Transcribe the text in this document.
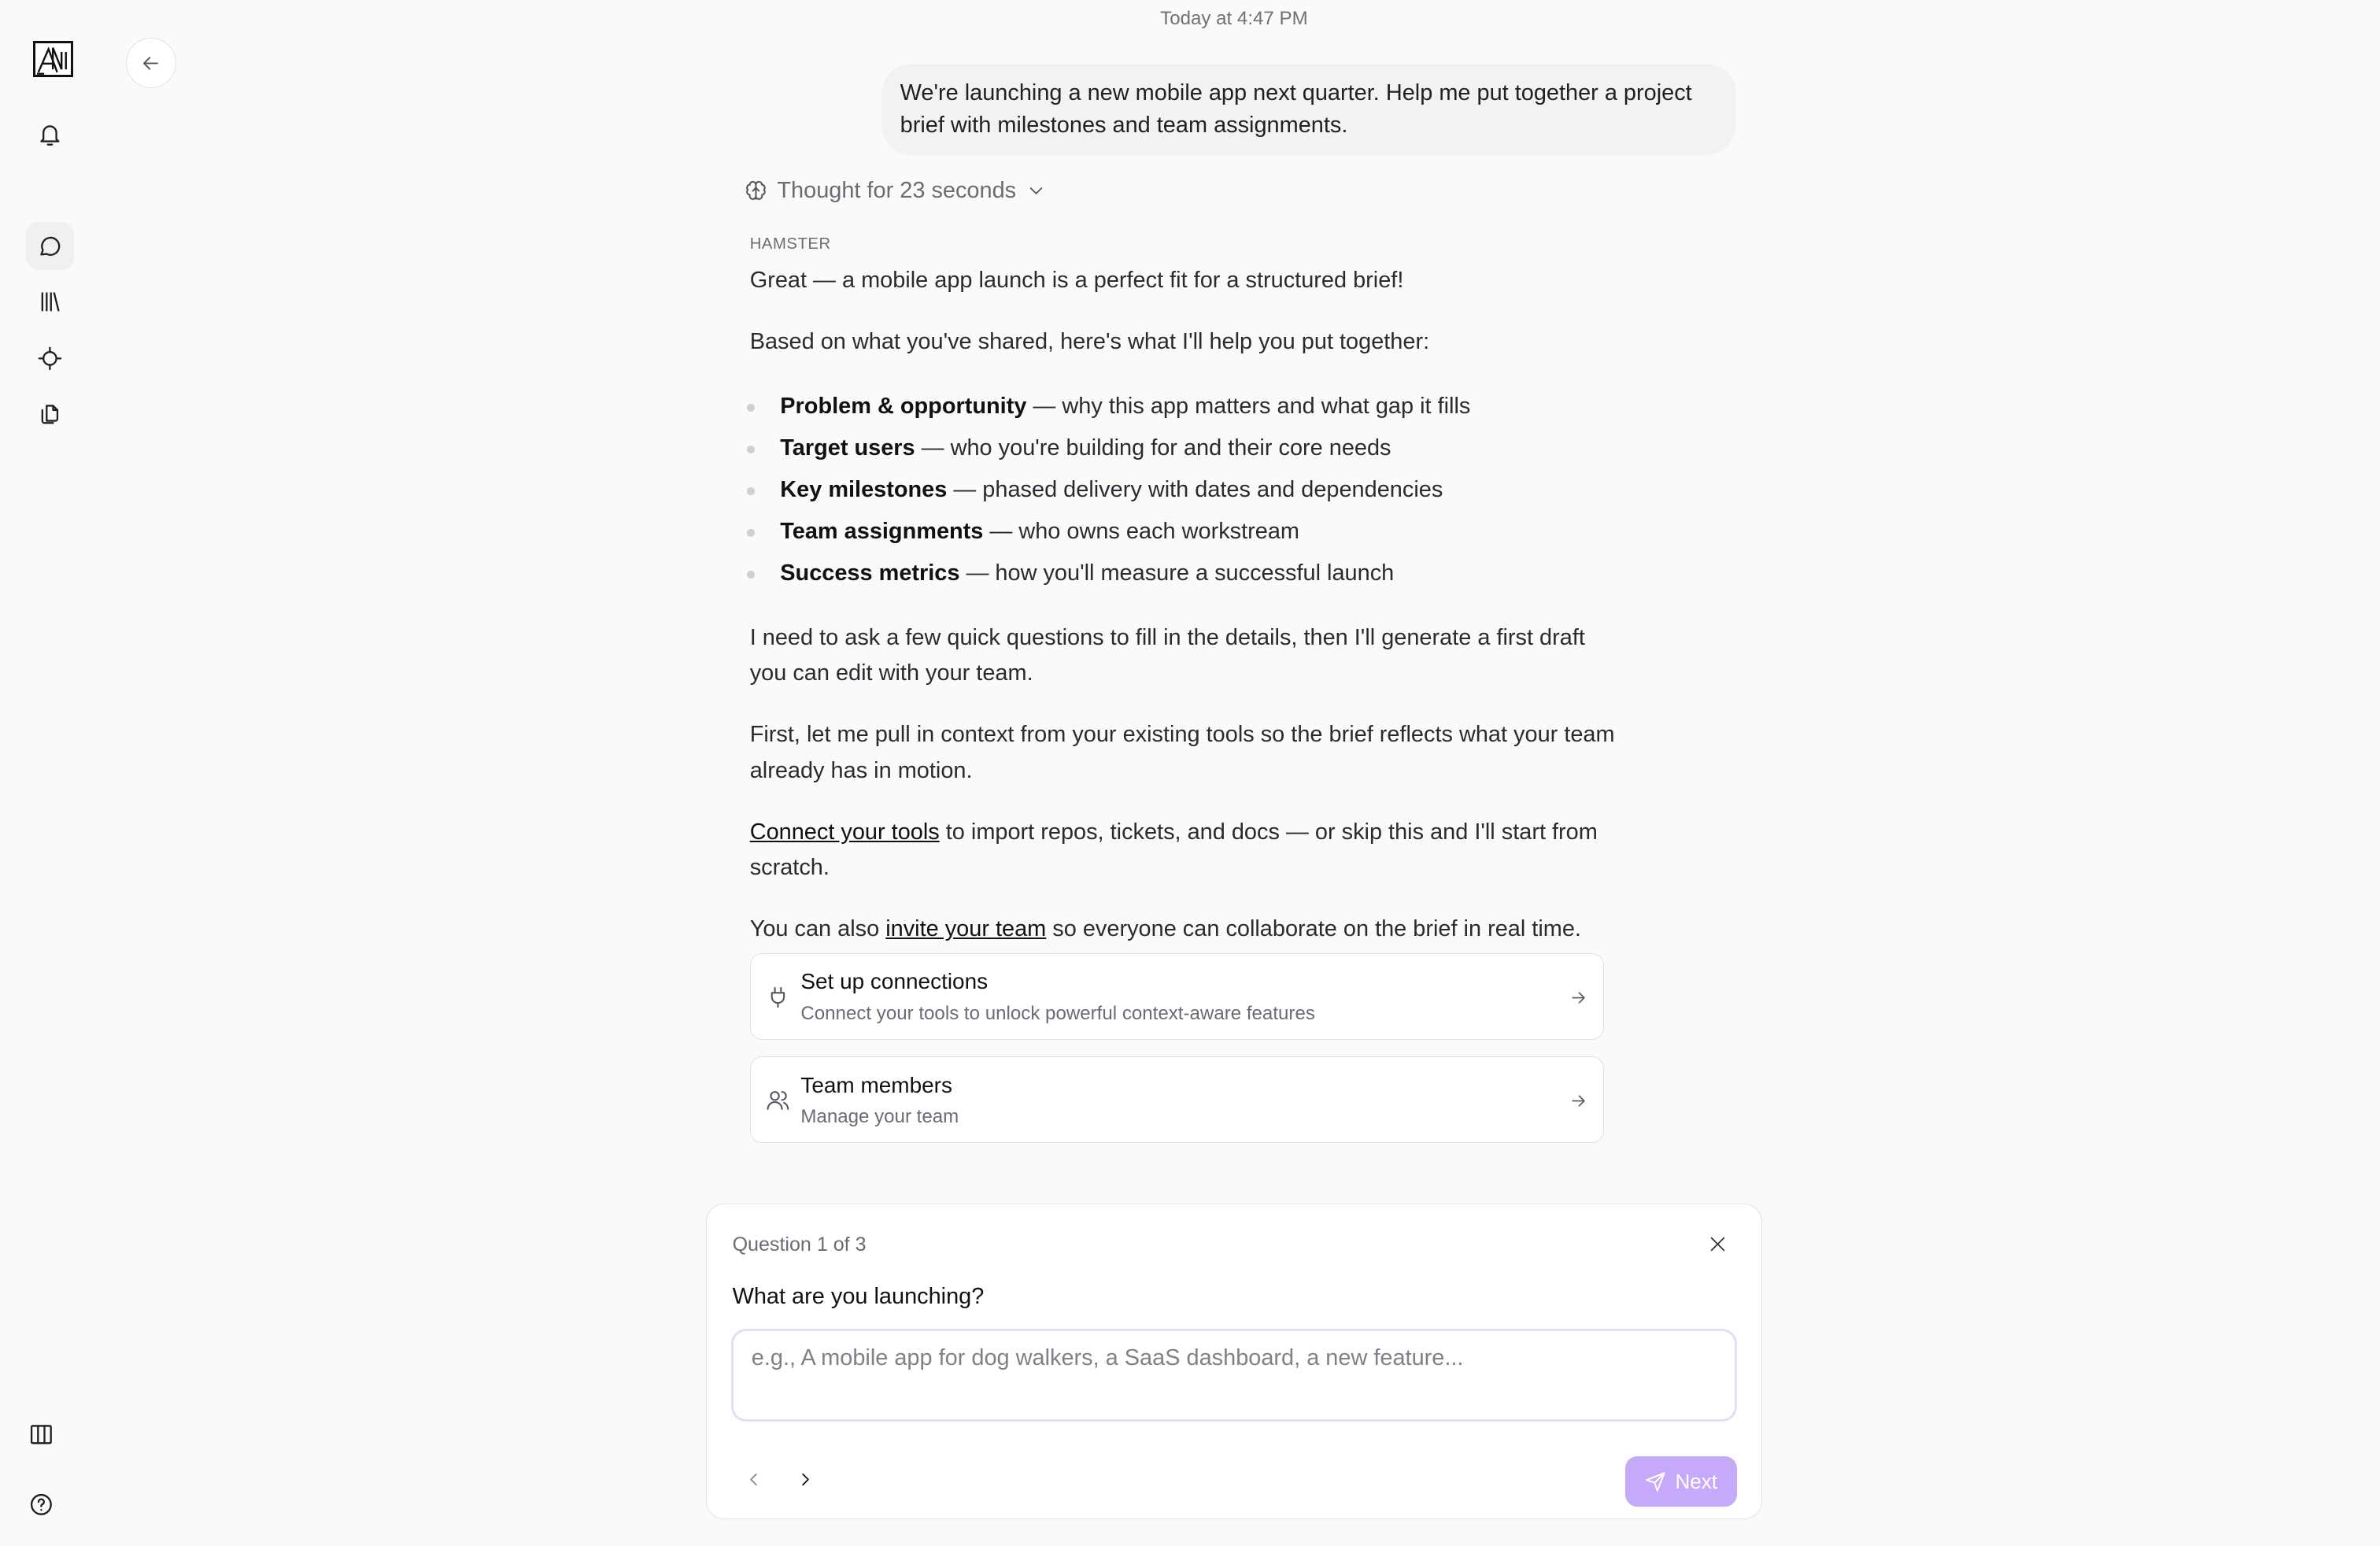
Today at 4:47 PM
We're launching a new mobile app next quarter. Help me put together a project brief with milestones and team assignments.
Thought for 23 seconds
HAMSTER

Great — a mobile app launch is a perfect fit for a structured brief!

Based on what you've shared, here's what I'll help you put together:

Problem & opportunity — why this app matters and what gap it fills
Target users — who you're building for and their core needs
Key milestones — phased delivery with dates and dependencies
Team assignments — who owns each workstream
Success metrics — how you'll measure a successful launch

I need to ask a few quick questions to fill in the details, then I'll generate a first draft you can edit with your team.

First, let me pull in context from your existing tools so the brief reflects what your team already has in motion.

Connect your tools to import repos, tickets, and docs — or skip this and I'll start from scratch.

You can also invite your team so everyone can collaborate on the brief in real time.

Set up connections
Connect your tools to unlock powerful context-aware features
Team members
Manage your team
Question 1 of 3
What are you launching?
e.g., A mobile app for dog walkers, a SaaS dashboard, a new feature...
Next
